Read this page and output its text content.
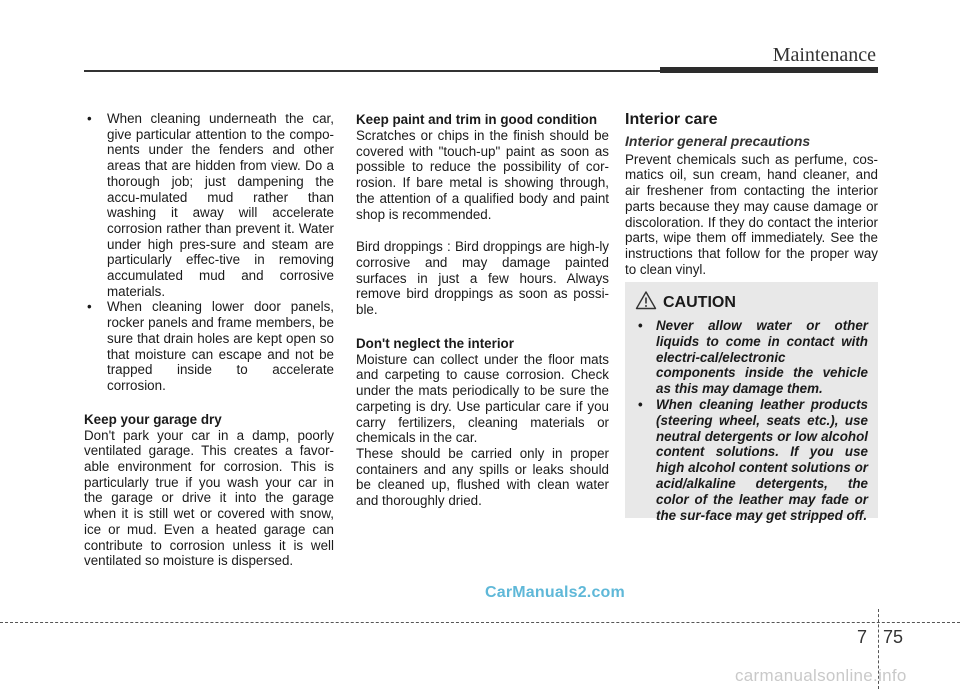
Maintenance
• When cleaning underneath the car, give particular attention to the compo-nents under the fenders and other areas that are hidden from view. Do a thorough job; just dampening the accu-mulated mud rather than washing it away will accelerate corrosion rather than prevent it. Water under high pres-sure and steam are particularly effec-tive in removing accumulated mud and corrosive materials.
• When cleaning lower door panels, rocker panels and frame members, be sure that drain holes are kept open so that moisture can escape and not be trapped inside to accelerate corrosion.
Keep your garage dry

Don't park your car in a damp, poorly ventilated garage. This creates a favor-able environment for corrosion. This is particularly true if you wash your car in the garage or drive it into the garage when it is still wet or covered with snow, ice or mud. Even a heated garage can contribute to corrosion unless it is well ventilated so moisture is dispersed.

Keep paint and trim in good condition

Scratches or chips in the finish should be covered with "touch-up" paint as soon as possible to reduce the possibility of cor-rosion. If bare metal is showing through, the attention of a qualified body and paint shop is recommended.

Bird droppings : Bird droppings are high-ly corrosive and may damage painted surfaces in just a few hours. Always remove bird droppings as soon as possi-ble.

Don't neglect the interior

Moisture can collect under the floor mats and carpeting to cause corrosion. Check under the mats periodically to be sure the carpeting is dry. Use particular care if you carry fertilizers, cleaning materials or chemicals in the car.

These should be carried only in proper containers and any spills or leaks should be cleaned up, flushed with clean water and thoroughly dried.

Interior care
Interior general precautions

Prevent chemicals such as perfume, cos-matics oil, sun cream, hand cleaner, and air freshener from contacting the interior parts because they may cause damage or discoloration. If they do contact the interior parts, wipe them off immediately. See the instructions that follow for the proper way to clean vinyl.

CAUTION
• Never allow water or other liquids to come in contact with electri-cal/electronic components inside the vehicle as this may damage them.
• When cleaning leather products (steering wheel, seats etc.), use neutral detergents or low alcohol content solutions. If you use high alcohol content solutions or acid/alkaline detergents, the color of the leather may fade or the sur-face may get stripped off.
CarManuals2.com
7 75
carmanualsonline.info
